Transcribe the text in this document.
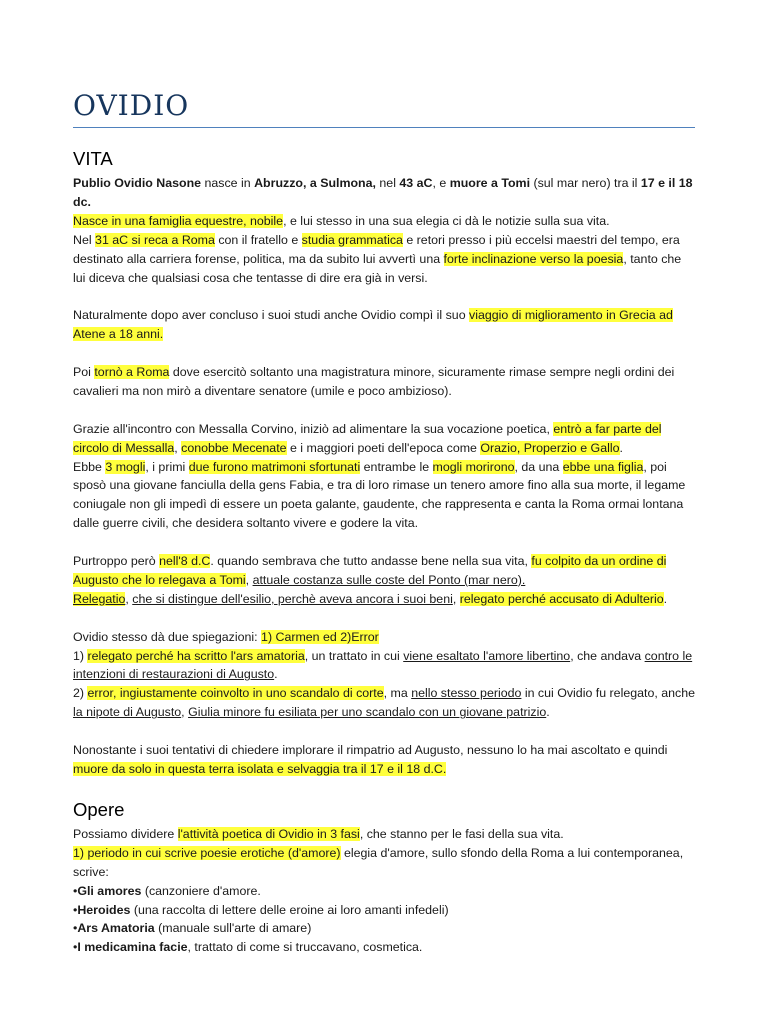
OVIDIO
VITA

Publio Ovidio Nasone nasce in Abruzzo, a Sulmona, nel 43 aC, e muore a Tomi (sul mar nero) tra il 17 e il 18 dc.

Nasce in una famiglia equestre, nobile, e lui stesso in una sua elegia ci dà le notizie sulla sua vita.

Nel 31 aC si reca a Roma con il fratello e studia grammatica e retori presso i più eccelsi maestri del tempo, era destinato alla carriera forense, politica, ma da subito lui avvertì una forte inclinazione verso la poesia, tanto che lui diceva che qualsiasi cosa che tentasse di dire era già in versi.

Naturalmente dopo aver concluso i suoi studi anche Ovidio compì il suo viaggio di miglioramento in Grecia ad Atene a 18 anni.

Poi tornò a Roma dove esercitò soltanto una magistratura minore, sicuramente rimase sempre negli ordini dei cavalieri ma non mirò a diventare senatore (umile e poco ambizioso).

Grazie all'incontro con Messalla Corvino, iniziò ad alimentare la sua vocazione poetica, entrò a far parte del circolo di Messalla, conobbe Mecenate e i maggiori poeti dell'epoca come Orazio, Properzio e Gallo.

Ebbe 3 mogli, i primi due furono matrimoni sfortunati entrambe le mogli morirono, da una ebbe una figlia, poi sposò una giovane fanciulla della gens Fabia, e tra di loro rimase un tenero amore fino alla sua morte, il legame coniugale non gli impedì di essere un poeta galante, gaudente, che rappresenta e canta la Roma ormai lontana dalle guerre civili, che desidera soltanto vivere e godere la vita.

Purtroppo però nell'8 d.C. quando sembrava che tutto andasse bene nella sua vita, fu colpito da un ordine di Augusto che lo relegava a Tomi, attuale costanza sulle coste del Ponto (mar nero).

Relegatio, che si distingue dell'esilio, perchè aveva ancora i suoi beni, relegato perché accusato di Adulterio.

Ovidio stesso dà due spiegazioni: 1) Carmen ed 2)Error

1) relegato perché ha scritto l'ars amatoria, un trattato in cui viene esaltato l'amore libertino, che andava contro le intenzioni di restaurazioni di Augusto.

2) error, ingiustamente coinvolto in uno scandalo di corte, ma nello stesso periodo in cui Ovidio fu relegato, anche la nipote di Augusto, Giulia minore fu esiliata per uno scandalo con un giovane patrizio.

Nonostante i suoi tentativi di chiedere implorare il rimpatrio ad Augusto, nessuno lo ha mai ascoltato e quindi muore da solo in questa terra isolata e selvaggia tra il 17 e il 18 d.C.

Opere

Possiamo dividere l'attività poetica di Ovidio in 3 fasi, che stanno per le fasi della sua vita.

1) periodo in cui scrive poesie erotiche (d'amore) elegia d'amore, sullo sfondo della Roma a lui contemporanea, scrive:

•Gli amores (canzoniere d'amore.

•Heroides (una raccolta di lettere delle eroine ai loro amanti infedeli)

•Ars Amatoria (manuale sull'arte di amare)

•I medicamina facie, trattato di come si truccavano, cosmetica.
